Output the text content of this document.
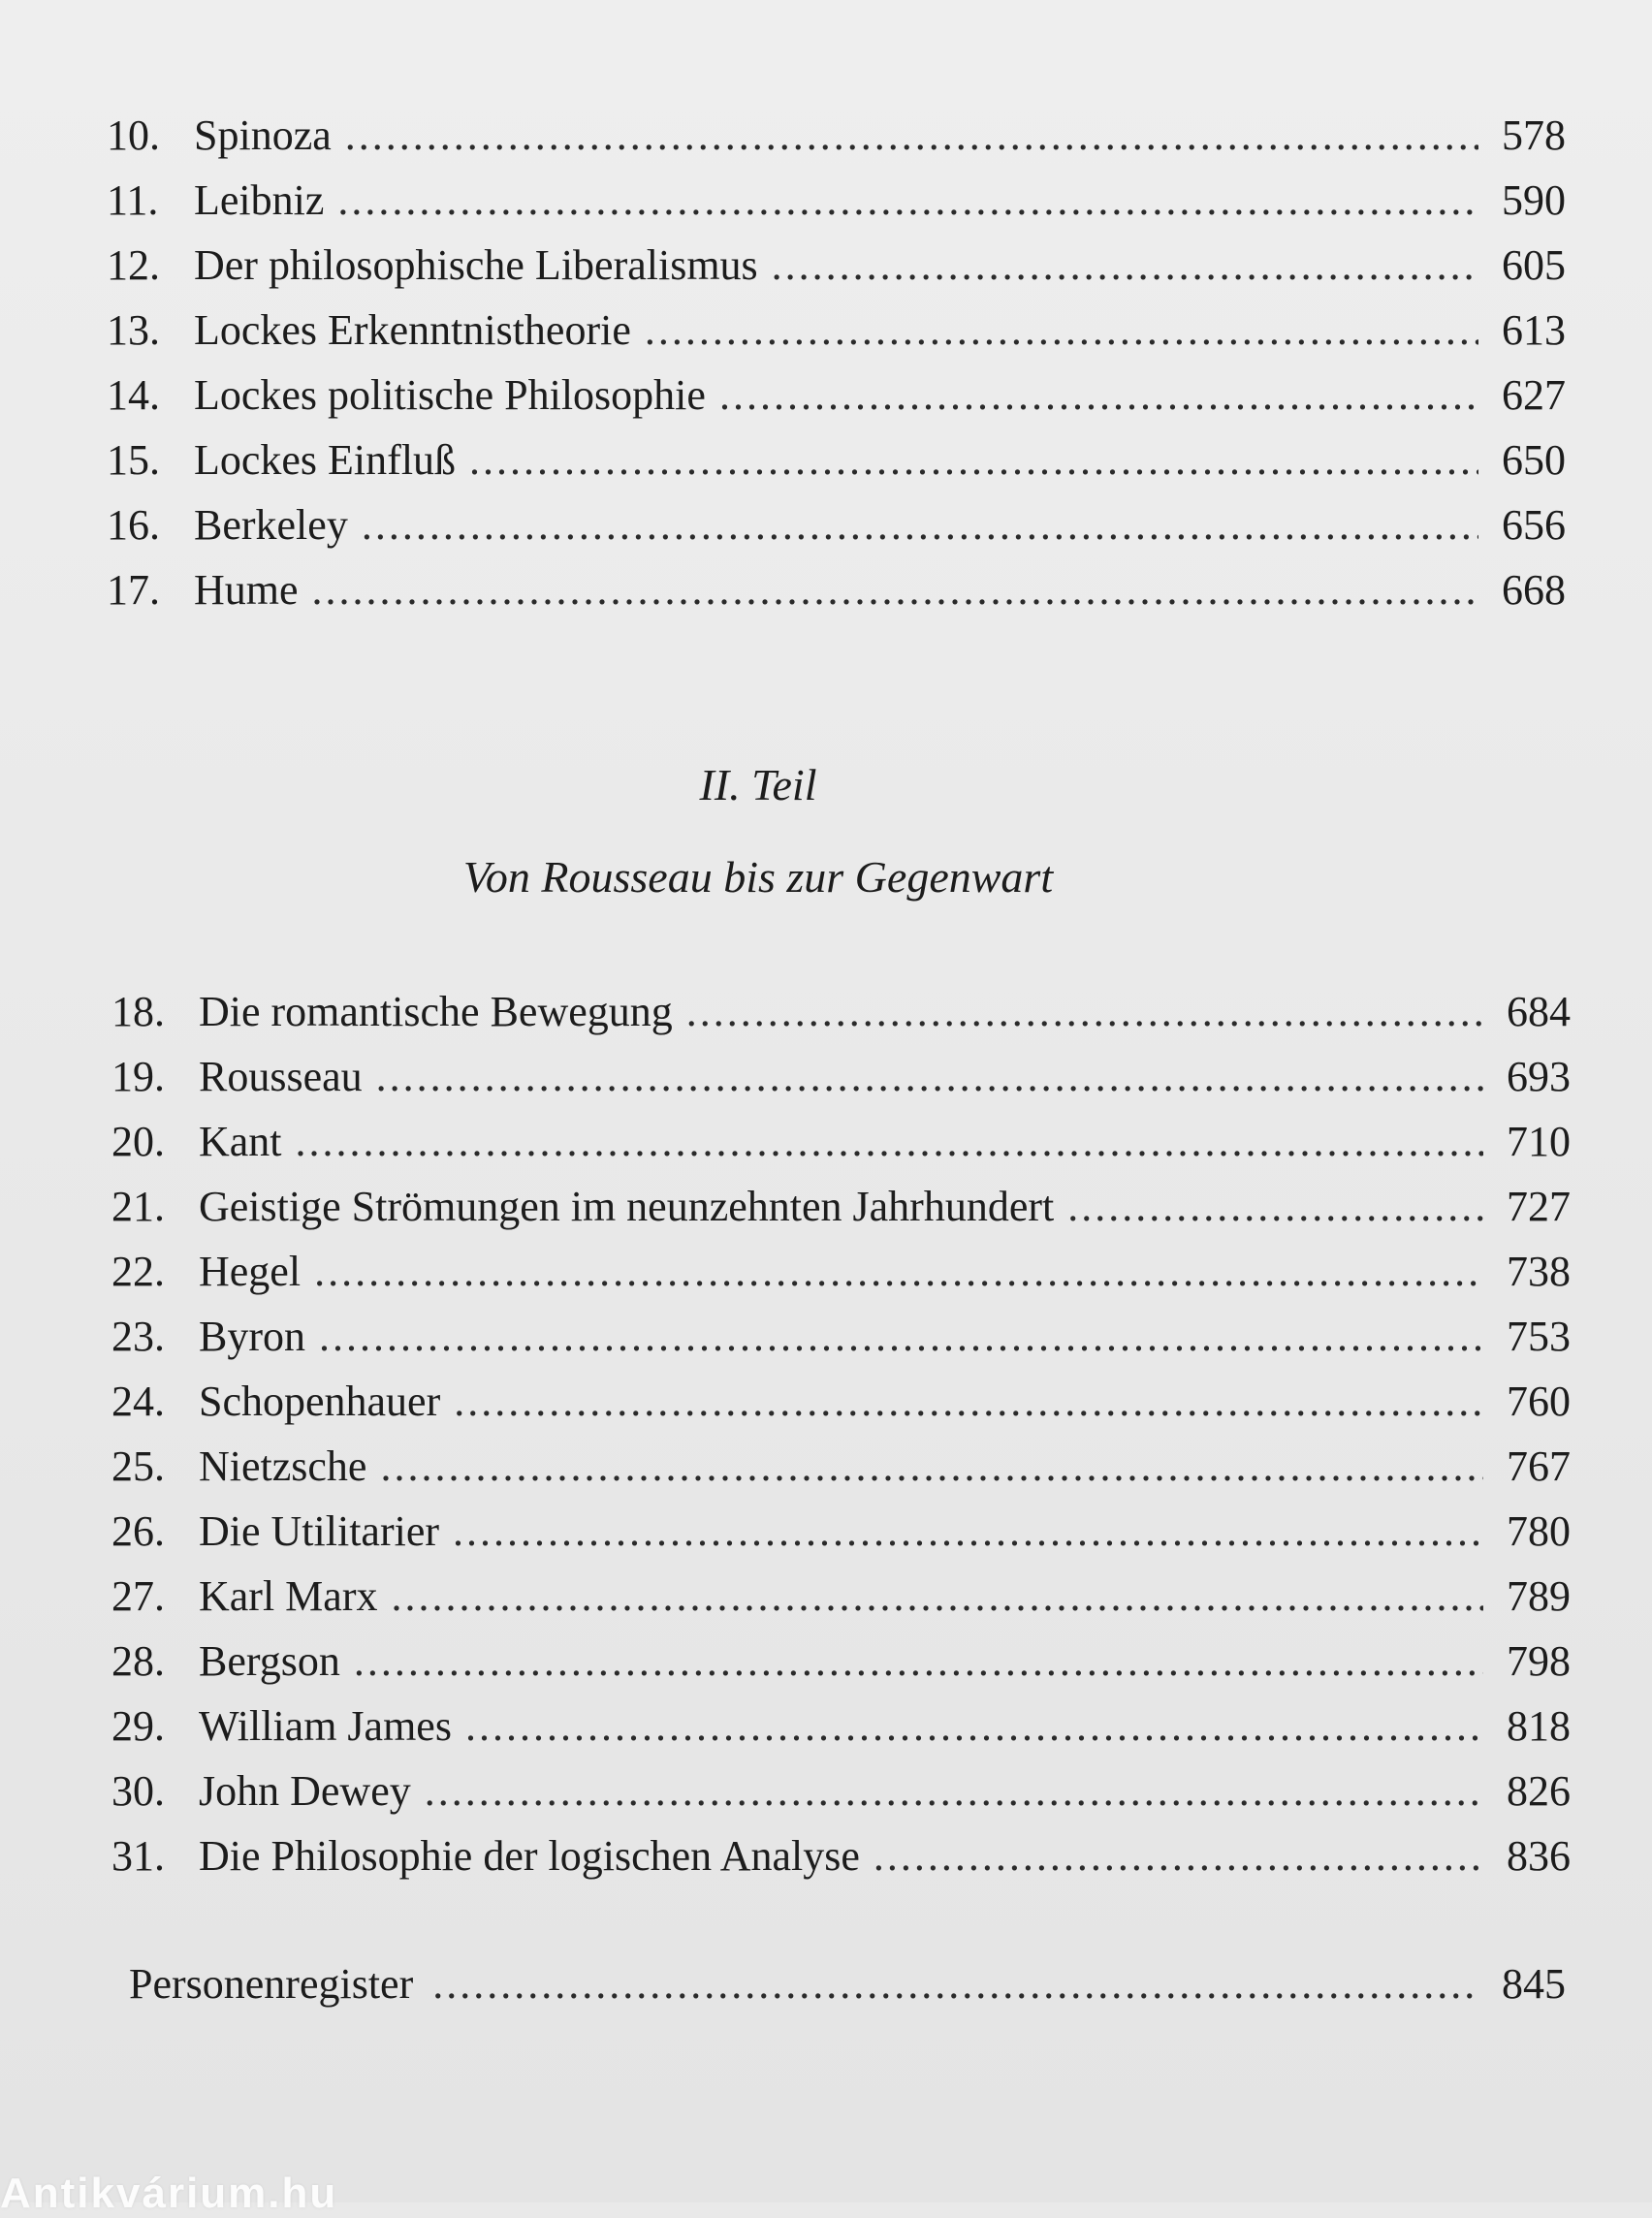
10. Spinoza .....	578
11. Leibniz .....	590
12. Der philosophische Liberalismus .....	605
13. Lockes Erkenntnistheorie .....	613
14. Lockes politische Philosophie .....	627
15. Lockes Einfluß .....	650
16. Berkeley .....	656
17. Hume .....	668
II. Teil
Von Rousseau bis zur Gegenwart
18. Die romantische Bewegung .....	684
19. Rousseau .....	693
20. Kant .....	710
21. Geistige Strömungen im neunzehnten Jahrhundert .....	727
22. Hegel .....	738
23. Byron .....	753
24. Schopenhauer .....	760
25. Nietzsche .....	767
26. Die Utilitarier .....	780
27. Karl Marx .....	789
28. Bergson .....	798
29. William James .....	818
30. John Dewey .....	826
31. Die Philosophie der logischen Analyse .....	836
Personenregister .....	845
Antikvárium.hu
